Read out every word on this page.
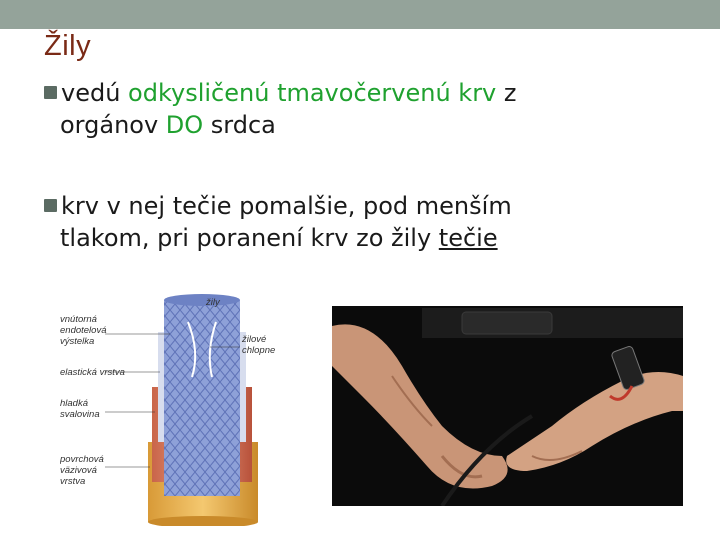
Žily
vedú odkysličenú tmavočervenú krv z
orgánov DO srdca
krv v nej tečie pomalšie, pod menším
tlakom, pri poranení krv zo žily tečie
žily
vnútorná
endotelová
výstelka
elastická vrstva
hladká
svalovina
povrchová
väzivová
vrstva
žilové
chlopne
